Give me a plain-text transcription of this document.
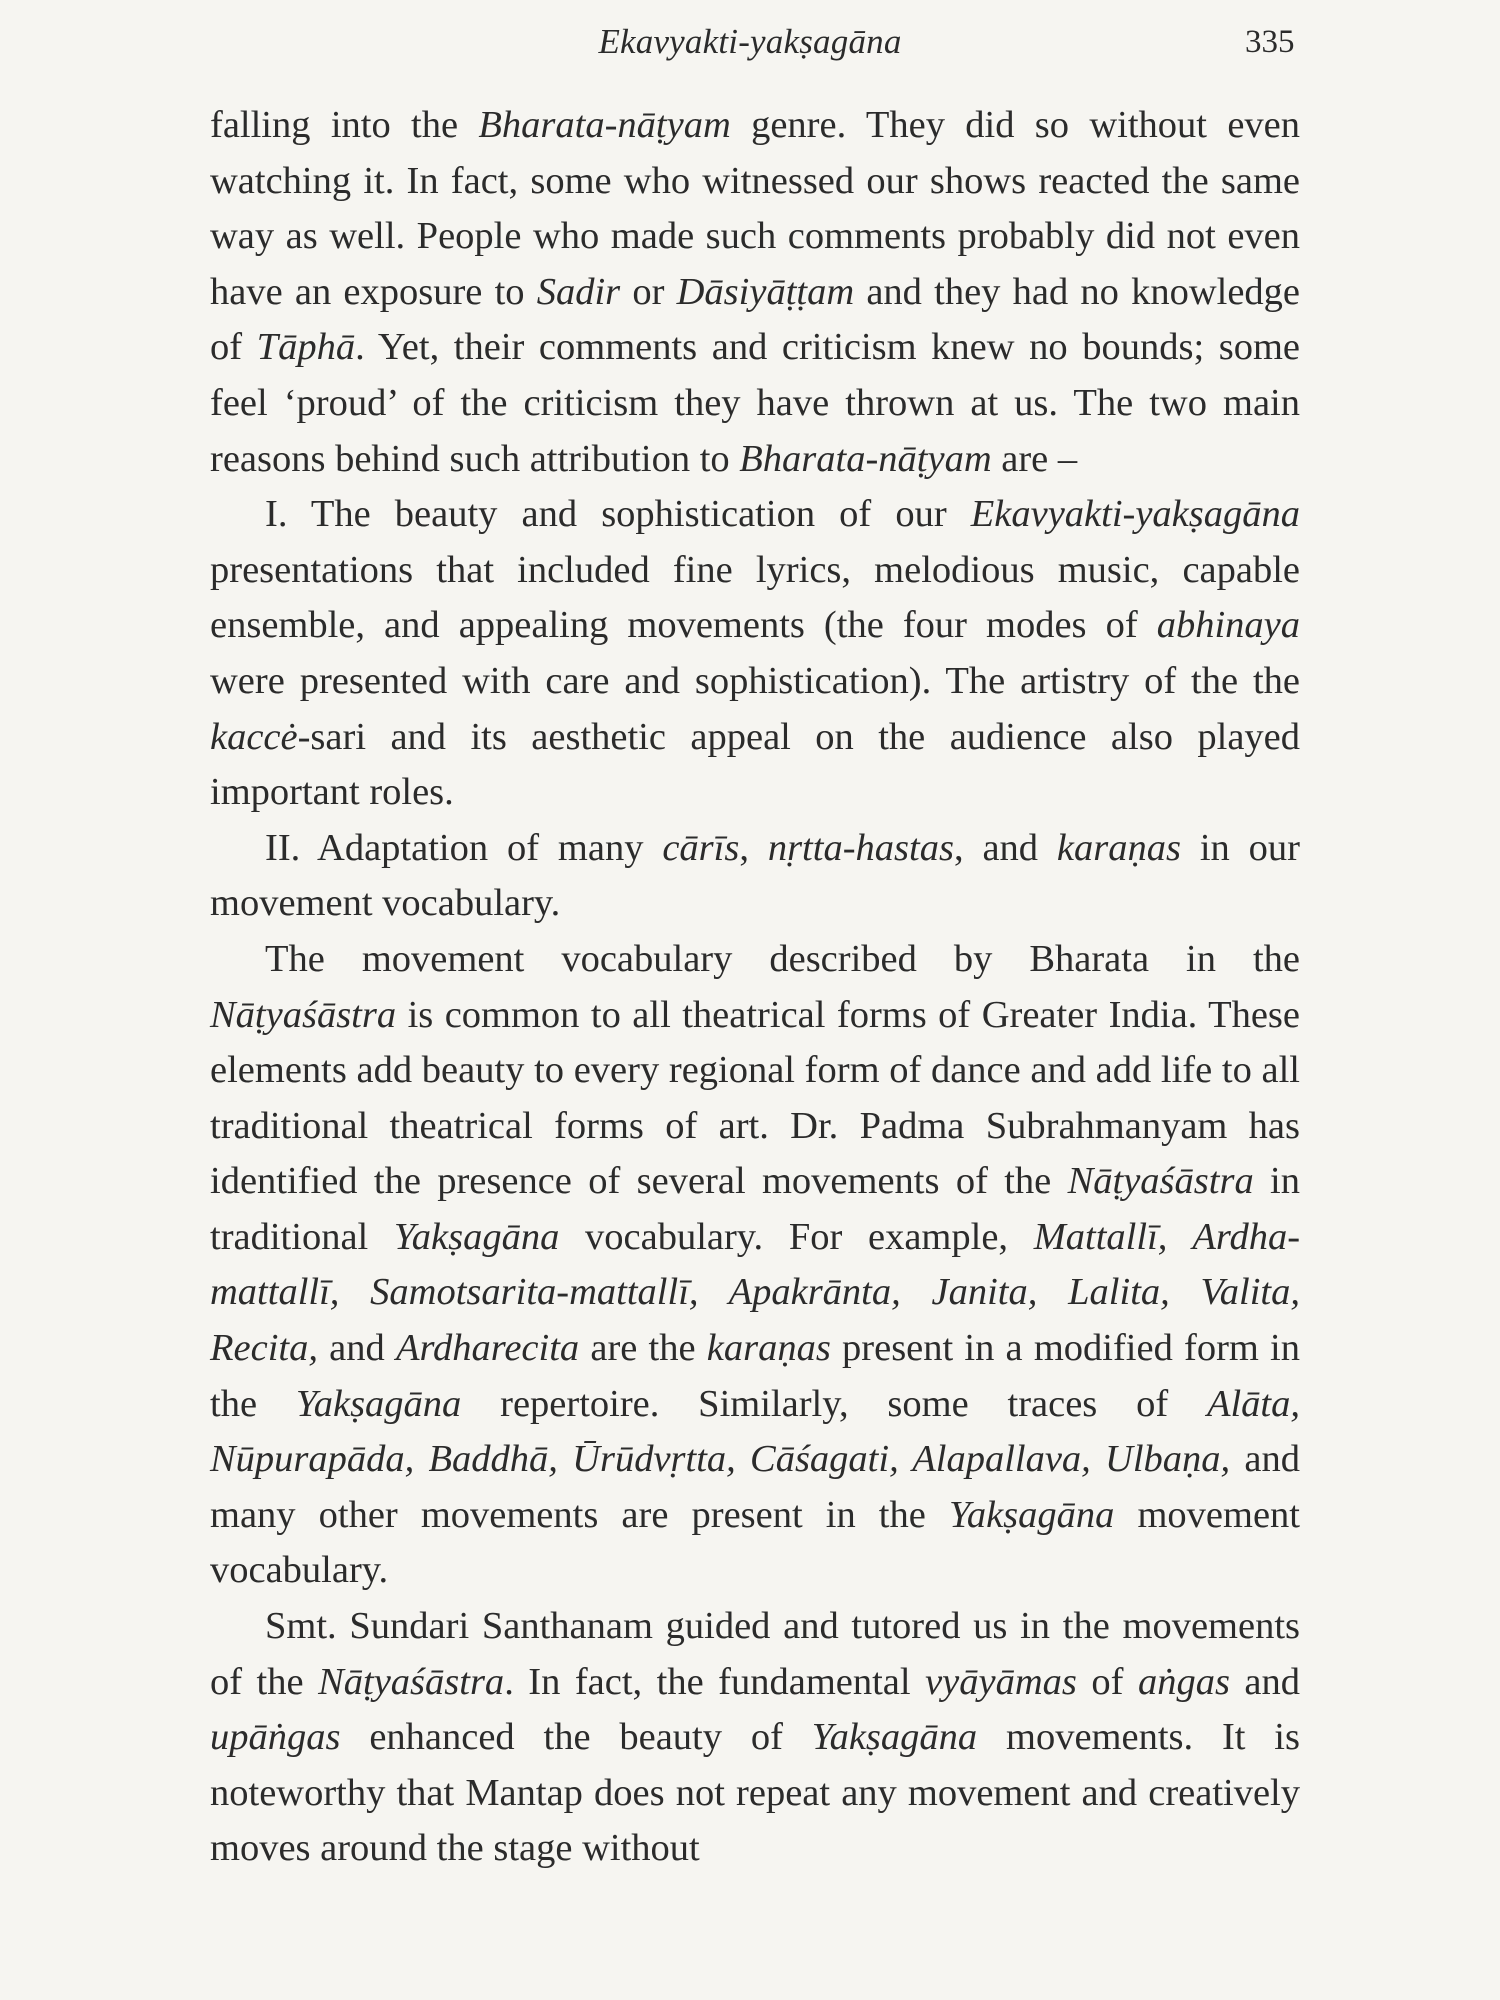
Ekavyakti-yakṣagāna	335

falling into the Bharata-nāṭyam genre. They did so without even watching it. In fact, some who witnessed our shows reacted the same way as well. People who made such comments probably did not even have an exposure to Sadir or Dāsiyāṭṭam and they had no knowledge of Tāphā. Yet, their comments and criticism knew no bounds; some feel ‘proud’ of the criticism they have thrown at us. The two main reasons behind such attribution to Bharata-nāṭyam are –

I. The beauty and sophistication of our Ekavyakti-yakṣagāna presentations that included fine lyrics, melodious music, capable ensemble, and appealing movements (the four modes of abhinaya were presented with care and sophistication). The artistry of the the kaccė-sari and its aesthetic appeal on the audience also played important roles.

II. Adaptation of many cārīs, nṛtta-hastas, and karaṇas in our movement vocabulary.

The movement vocabulary described by Bharata in the Nāṭyaśāstra is common to all theatrical forms of Greater India. These elements add beauty to every regional form of dance and add life to all traditional theatrical forms of art. Dr. Padma Subrahmanyam has identified the presence of several movements of the Nāṭyaśāstra in traditional Yakṣagāna vocabulary. For example, Mattallī, Ardha-mattallī, Samotsarita-mattallī, Apakrānta, Janita, Lalita, Valita, Recita, and Ardharecita are the karaṇas present in a modified form in the Yakṣagāna repertoire. Similarly, some traces of Alāta, Nūpurapāda, Baddhā, Ūrūdvṛtta, Cāśagati, Alapallava, Ulbaṇa, and many other movements are present in the Yakṣagāna movement vocabulary.

Smt. Sundari Santhanam guided and tutored us in the movements of the Nāṭyaśāstra. In fact, the fundamental vyāyāmas of aṅgas and upāṅgas enhanced the beauty of Yakṣagāna movements. It is noteworthy that Mantap does not repeat any movement and creatively moves around the stage without
